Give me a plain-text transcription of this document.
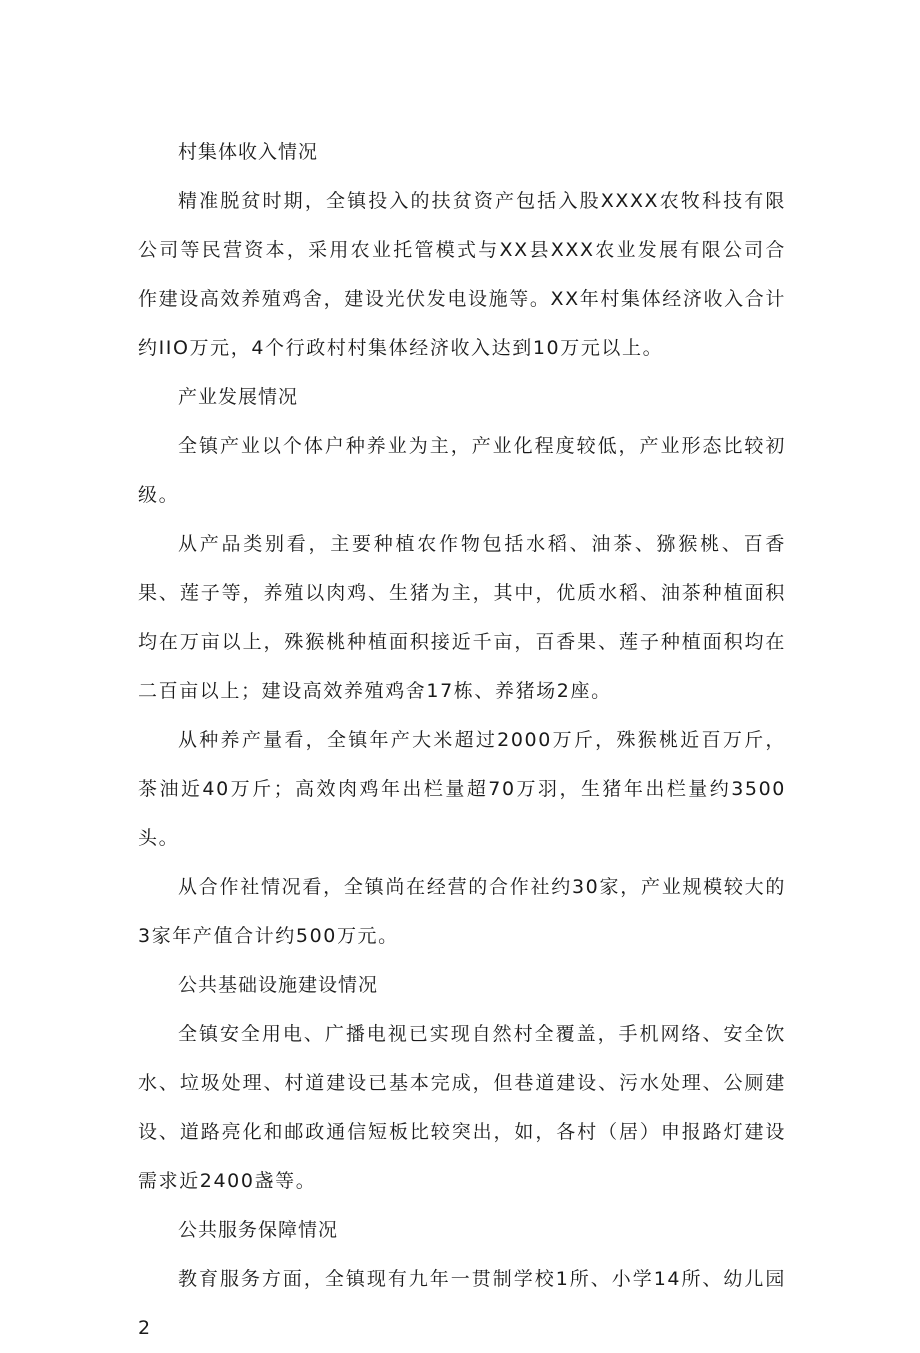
村集体收入情况

精准脱贫时期，全镇投入的扶贫资产包括入股XXXX农牧科技有限公司等民营资本，采用农业托管模式与XX县XXX农业发展有限公司合作建设高效养殖鸡舍，建设光伏发电设施等。XX年村集体经济收入合计约IIO万元，4个行政村村集体经济收入达到10万元以上。

产业发展情况

全镇产业以个体户种养业为主，产业化程度较低，产业形态比较初级。

从产品类别看，主要种植农作物包括水稻、油茶、猕猴桃、百香果、莲子等，养殖以肉鸡、生猪为主，其中，优质水稻、油茶种植面积均在万亩以上，殊猴桃种植面积接近千亩，百香果、莲子种植面积均在二百亩以上；建设高效养殖鸡舍17栋、养猪场2座。

从种养产量看，全镇年产大米超过2000万斤，殊猴桃近百万斤，茶油近40万斤；高效肉鸡年出栏量超70万羽，生猪年出栏量约3500头。

从合作社情况看，全镇尚在经营的合作社约30家，产业规模较大的3家年产值合计约500万元。

公共基础设施建设情况

全镇安全用电、广播电视已实现自然村全覆盖，手机网络、安全饮水、垃圾处理、村道建设已基本完成，但巷道建设、污水处理、公厕建设、道路亮化和邮政通信短板比较突出，如，各村（居）申报路灯建设需求近2400盏等。

公共服务保障情况

教育服务方面，全镇现有九年一贯制学校1所、小学14所、幼儿园2
